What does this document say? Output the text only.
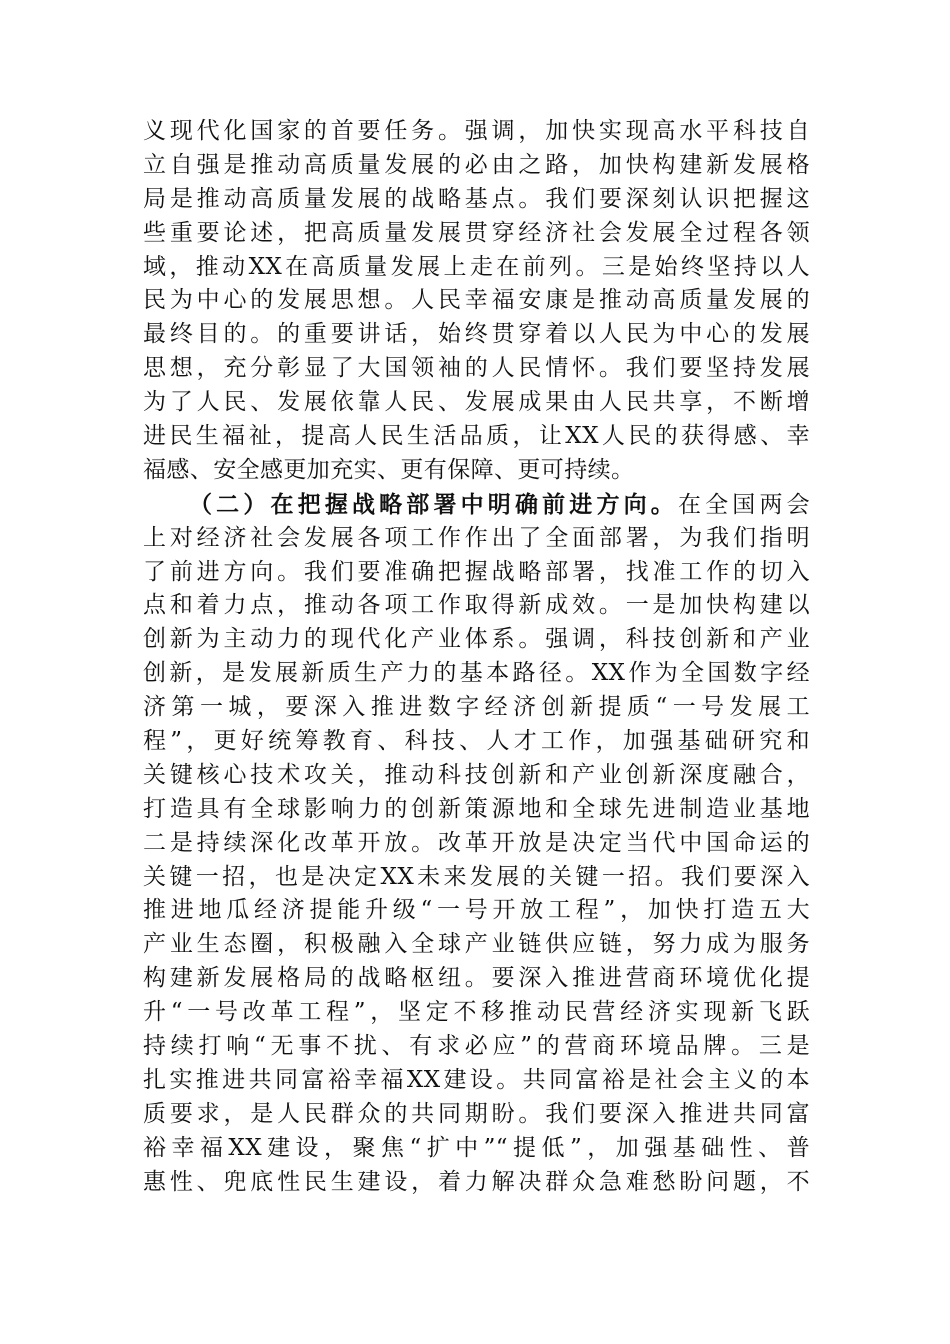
义现代化国家的首要任务。强调，加快实现高水平科技自
立自强是推动高质量发展的必由之路，加快构建新发展格
局是推动高质量发展的战略基点。我们要深刻认识把握这
些重要论述，把高质量发展贯穿经济社会发展全过程各领
域，推动XX在高质量发展上走在前列。三是始终坚持以人
民为中心的发展思想。人民幸福安康是推动高质量发展的
最终目的。的重要讲话，始终贯穿着以人民为中心的发展
思想，充分彰显了大国领袖的人民情怀。我们要坚持发展
为了人民、发展依靠人民、发展成果由人民共享，不断增
进民生福祉，提高人民生活品质，让XX人民的获得感、幸
福感、安全感更加充实、更有保障、更可持续。
（二）在把握战略部署中明确前进方向。在全国两会
上对经济社会发展各项工作作出了全面部署，为我们指明
了前进方向。我们要准确把握战略部署，找准工作的切入
点和着力点，推动各项工作取得新成效。一是加快构建以
创新为主动力的现代化产业体系。强调，科技创新和产业
创新，是发展新质生产力的基本路径。XX作为全国数字经
济第一城，要深入推进数字经济创新提质“一号发展工
程”，更好统筹教育、科技、人才工作，加强基础研究和
关键核心技术攻关，推动科技创新和产业创新深度融合，
打造具有全球影响力的创新策源地和全球先进制造业基地
二是持续深化改革开放。改革开放是决定当代中国命运的
关键一招，也是决定XX未来发展的关键一招。我们要深入
推进地瓜经济提能升级“一号开放工程”，加快打造五大
产业生态圈，积极融入全球产业链供应链，努力成为服务
构建新发展格局的战略枢纽。要深入推进营商环境优化提
升“一号改革工程”，坚定不移推动民营经济实现新飞跃
持续打响“无事不扰、有求必应”的营商环境品牌。三是
扎实推进共同富裕幸福XX建设。共同富裕是社会主义的本
质要求，是人民群众的共同期盼。我们要深入推进共同富
裕幸福XX建设，聚焦“扩中”“提低”，加强基础性、普
惠性、兜底性民生建设，着力解决群众急难愁盼问题，不
